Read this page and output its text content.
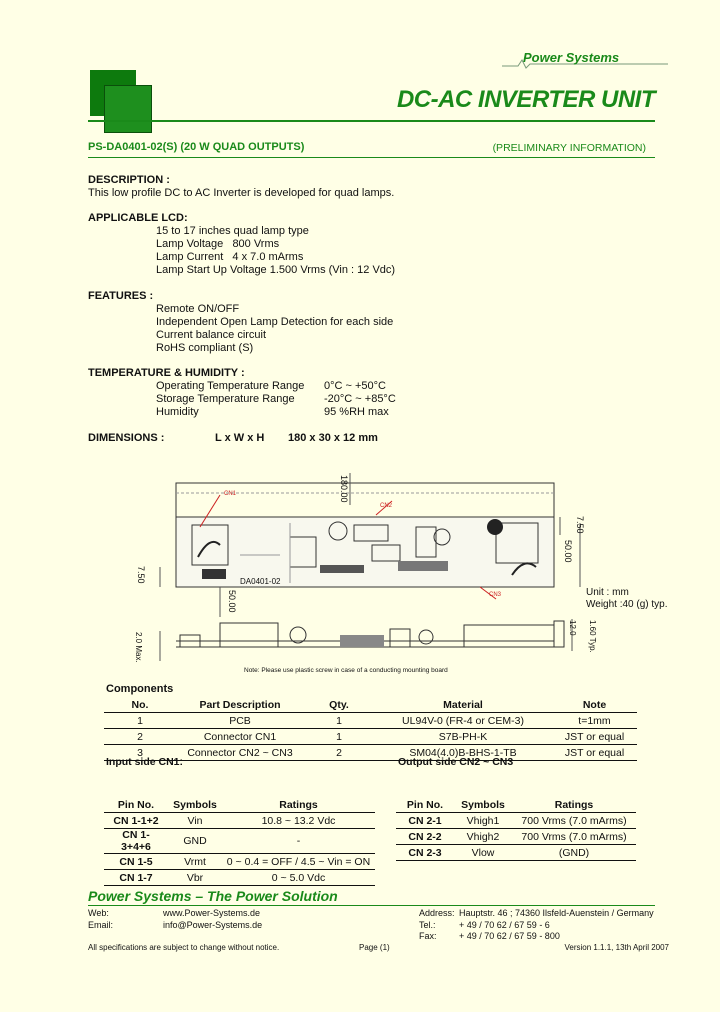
Power Systems
DC-AC INVERTER UNIT
PS-DA0401-02(S) (20 W QUAD OUTPUTS)	(PRELIMINARY INFORMATION)
DESCRIPTION :
This low profile DC to AC Inverter is developed for quad lamps.
APPLICABLE LCD:
15 to 17 inches quad lamp type
Lamp Voltage   800 Vrms
Lamp Current   4 x 7.0 mArms
Lamp Start Up Voltage 1.500 Vrms (Vin : 12 Vdc)
FEATURES :
Remote ON/OFF
Independent Open Lamp Detection for each side
Current balance circuit
RoHS compliant (S)
TEMPERATURE & HUMIDITY :
Operating Temperature Range 0°C ~ +50°C
Storage Temperature Range	-20°C ~ +85°C
Humidity	95 %RH max
DIMENSIONS :	L x W x H 180 x 30 x 12 mm
180.00
7.50
50.00
7.50
50.00
CN1
CN2
CN3
DA0401-02
Unit : mm
Weight :40 (g) typ.
2.0 Max.
12.0 1.60 Typ.
Note: Please use plastic screw in case of a conducting mounting board
Components
No.	Part Description	Qty.	Material	Note
1	PCB	1	UL94V-0 (FR-4 or CEM-3)	t=1mm
2	Connector CN1	1	S7B-PH-K	JST or equal
3	Connector CN2 ~ CN3	2	SM04(4.0)B-BHS-1-TB	JST or equal
Input side CN1:
Pin No.	Symbols	Ratings
CN 1-1+2	Vin	10.8 ~ 13.2 Vdc
CN 1-3+4+6	GND	-
CN 1-5	Vrmt	0 ~ 0.4 = OFF / 4.5 ~ Vin = ON
CN 1-7	Vbr	0 ~ 5.0 Vdc
Output side CN2 ~ CN3
Pin No.	Symbols	Ratings
CN 2-1	Vhigh1	700 Vrms (7.0 mArms)
CN 2-2	Vhigh2	700 Vrms (7.0 mArms)
CN 2-3	Vlow	(GND)
Power Systems – The Power Solution
Web:	www.Power-Systems.de
Email:	info@Power-Systems.de
Address: Hauptstr. 46 ; 74360 Ilsfeld-Auenstein / Germany
Tel.:	+ 49 / 70 62 / 67 59 - 6
Fax: + 49 / 70 62 / 67 59 - 800
All specifications are subject to change without notice.	Page (1)	Version 1.1.1, 13th April 2007
